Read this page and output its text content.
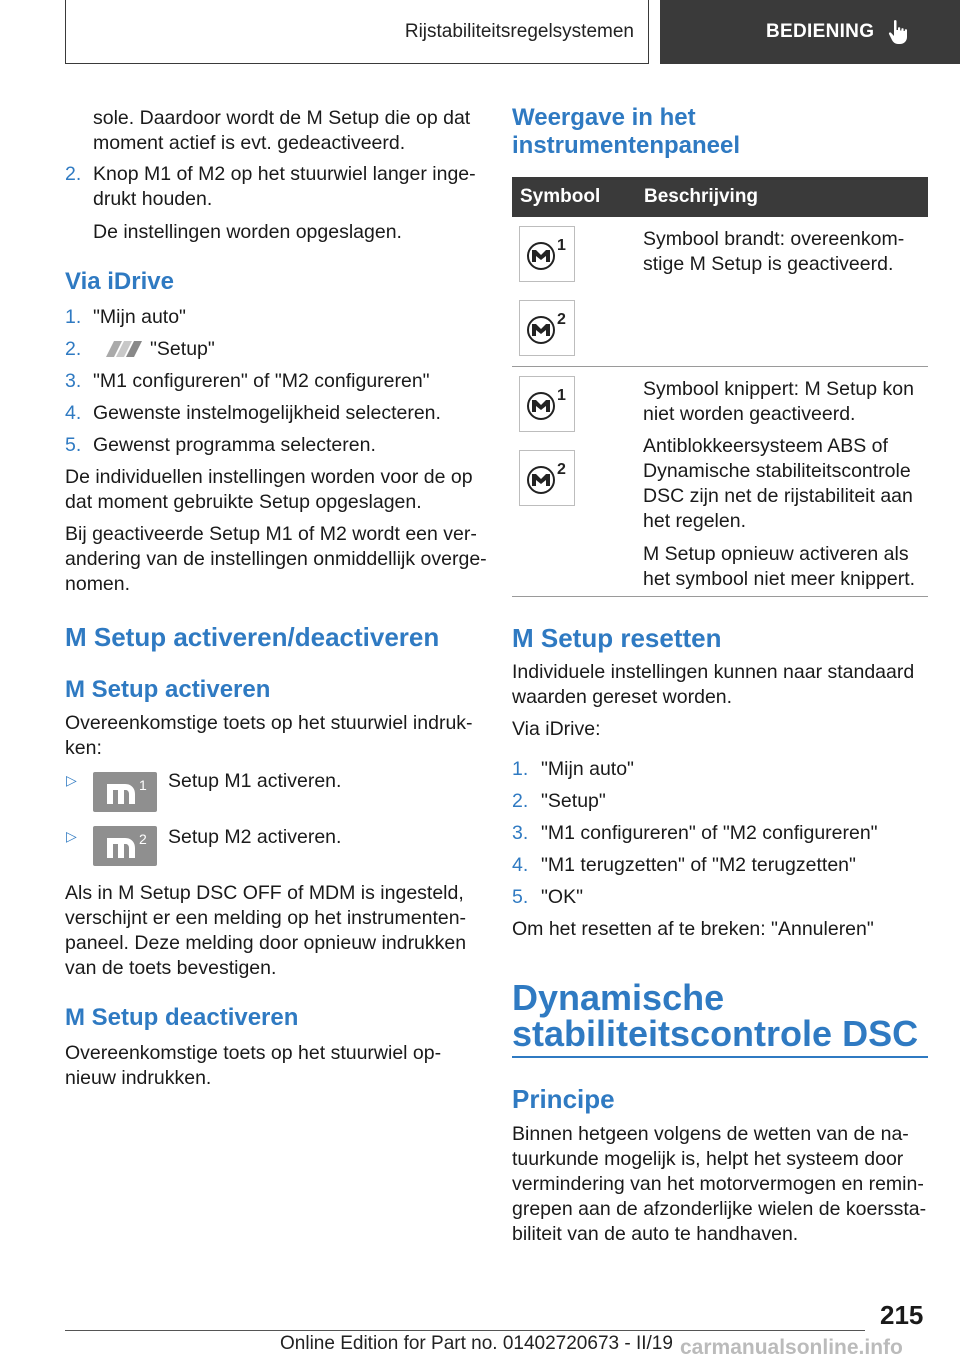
Rijstabiliteitsregelsystemen	BEDIENING
sole. Daardoor wordt de M Setup die op dat
moment actief is evt. gedeactiveerd.
2. Knop M1 of M2 op het stuurwiel langer inge-
drukt houden.
De instellingen worden opgeslagen.
Via iDrive
1. "Mijn auto"
2.	"Setup"
3. "M1 configureren" of "M2 configureren"
4. Gewenste instelmogelijkheid selecteren.
5. Gewenst programma selecteren.
De individuellen instellingen worden voor de op
dat moment gebruikte Setup opgeslagen.
Bij geactiveerde Setup M1 of M2 wordt een ver-
andering van de instellingen onmiddellijk overge-
nomen.
M Setup activeren/deactiveren
M Setup activeren
Overeenkomstige toets op het stuurwiel indruk-
ken:
▷	1 Setup M1 activeren.
▷	2 Setup M2 activeren.
Als in M Setup DSC OFF of MDM is ingesteld,
verschijnt er een melding op het instrumenten-
paneel. Deze melding door opnieuw indrukken
van de toets bevestigen.
M Setup deactiveren
Overeenkomstige toets op het stuurwiel op-
nieuw indrukken.
Weergave in het
instrumentenpaneel
Symbool Beschrijving
1	Symbool brandt: overeenkom-
stige M Setup is geactiveerd.
2
1	Symbool knippert: M Setup kon
niet worden geactiveerd.
2
Antiblokkeersysteem ABS of
Dynamische stabiliteitscontrole
DSC zijn net de rijstabiliteit aan
het regelen.
M Setup opnieuw activeren als
het symbool niet meer knippert.
M Setup resetten
Individuele instellingen kunnen naar standaard
waarden gereset worden.
Via iDrive:
1. "Mijn auto"
2. "Setup"
3. "M1 configureren" of "M2 configureren"
4. "M1 terugzetten" of "M2 terugzetten"
5. "OK"
Om het resetten af te breken: "Annuleren"
Dynamische
stabiliteitscontrole DSC
Principe
Binnen hetgeen volgens de wetten van de na-
tuurkunde mogelijk is, helpt het systeem door
vermindering van het motorvermogen en remin-
grepen aan de afzonderlijke wielen de koerssta-
biliteit van de auto te handhaven.
215
Online Edition for Part no. 01402720673 - II/19 carmanualsonline.info
